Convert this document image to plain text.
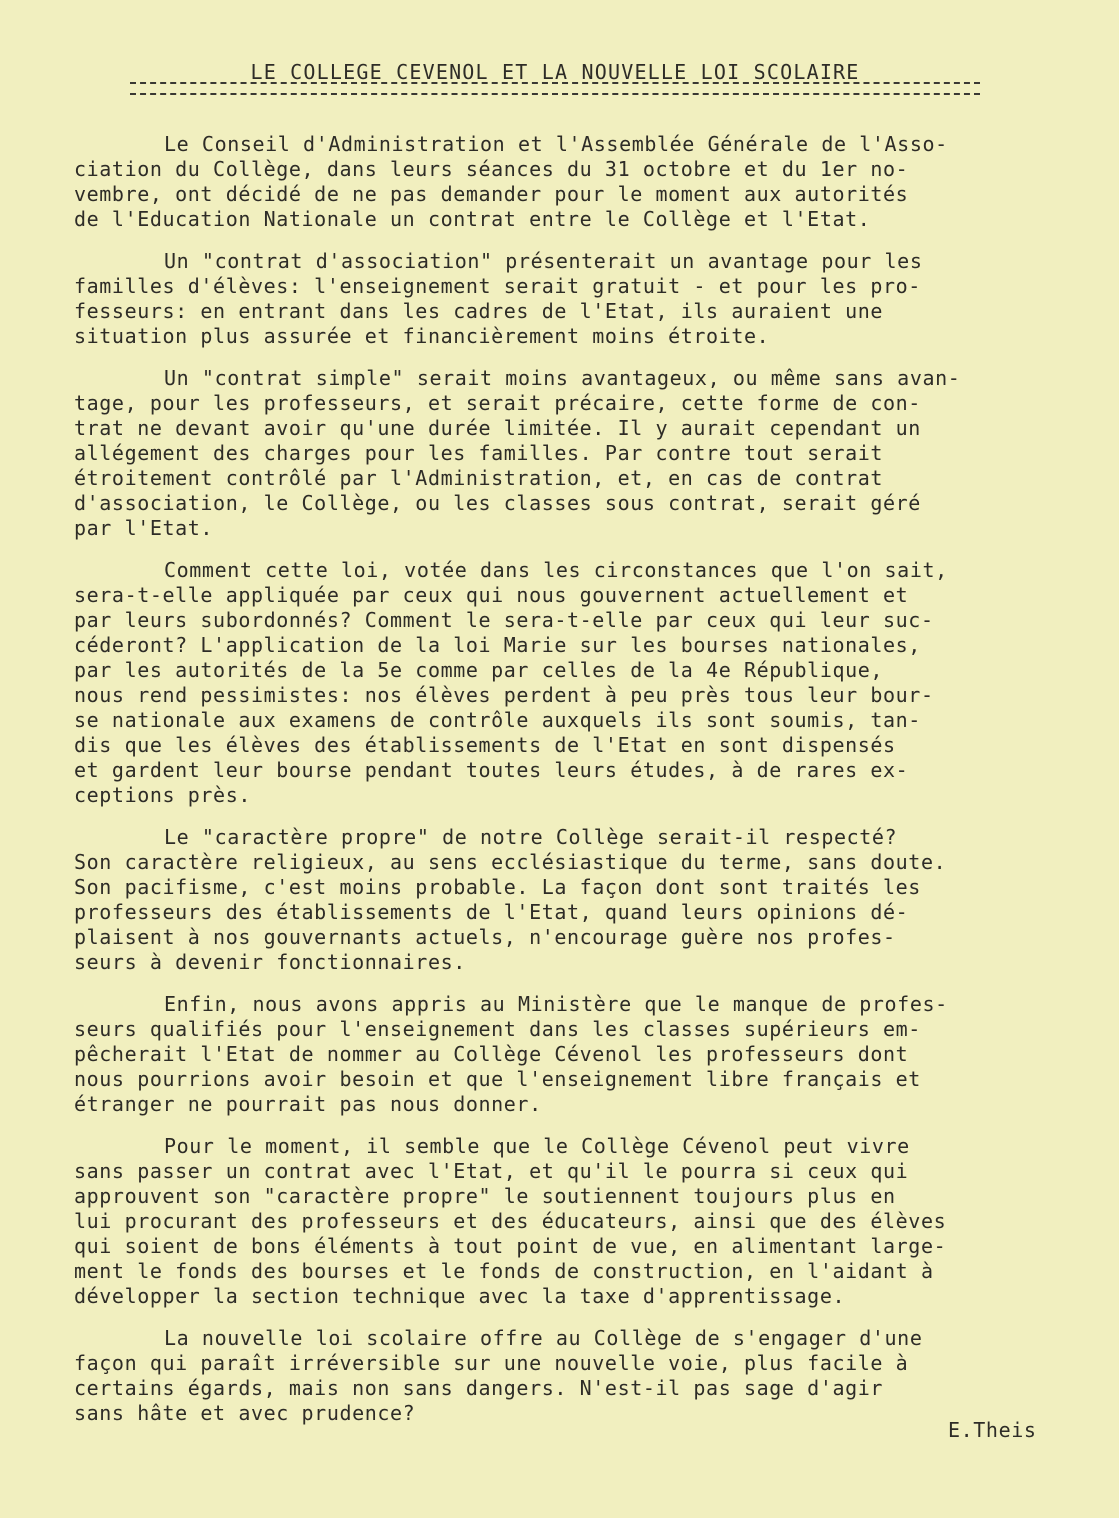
LE COLLEGE CEVENOL ET LA NOUVELLE LOI SCOLAIRE
Le Conseil d'Administration et l'Assemblée Générale de l'Asso-
ciation du Collège, dans leurs séances du 31 octobre et du 1er no-
vembre, ont décidé de ne pas demander pour le moment aux autorités
de l'Education Nationale un contrat entre le Collège et l'Etat.
Un "contrat d'association" présenterait un avantage pour les
familles d'élèves: l'enseignement serait gratuit - et pour les pro-
fesseurs: en entrant dans les cadres de l'Etat, ils auraient une
situation plus assurée et financièrement moins étroite.
Un "contrat simple" serait moins avantageux, ou même sans avan-
tage, pour les professeurs, et serait précaire, cette forme de con-
trat ne devant avoir qu'une durée limitée. Il y aurait cependant un
allégement des charges pour les familles. Par contre tout serait
étroitement contrôlé par l'Administration, et, en cas de contrat
d'association, le Collège, ou les classes sous contrat, serait géré
par l'Etat.
Comment cette loi, votée dans les circonstances que l'on sait,
sera-t-elle appliquée par ceux qui nous gouvernent actuellement et
par leurs subordonnés? Comment le sera-t-elle par ceux qui leur suc-
céderont? L'application de la loi Marie sur les bourses nationales,
par les autorités de la 5e comme par celles de la 4e République,
nous rend pessimistes: nos élèves perdent à peu près tous leur bour-
se nationale aux examens de contrôle auxquels ils sont soumis, tan-
dis que les élèves des établissements de l'Etat en sont dispensés
et gardent leur bourse pendant toutes leurs études, à de rares ex-
ceptions près.
Le "caractère propre" de notre Collège serait-il respecté?
Son caractère religieux, au sens ecclésiastique du terme, sans doute.
Son pacifisme, c'est moins probable. La façon dont sont traités les
professeurs des établissements de l'Etat, quand leurs opinions dé-
plaisent à nos gouvernants actuels, n'encourage guère nos profes-
seurs à devenir fonctionnaires.
Enfin, nous avons appris au Ministère que le manque de profes-
seurs qualifiés pour l'enseignement dans les classes supérieurs em-
pêcherait l'Etat de nommer au Collège Cévenol les professeurs dont
nous pourrions avoir besoin et que l'enseignement libre français et
étranger ne pourrait pas nous donner.
Pour le moment, il semble que le Collège Cévenol peut vivre
sans passer un contrat avec l'Etat, et qu'il le pourra si ceux qui
approuvent son "caractère propre" le soutiennent toujours plus en
lui procurant des professeurs et des éducateurs, ainsi que des élèves
qui soient de bons éléments à tout point de vue, en alimentant large-
ment le fonds des bourses et le fonds de construction, en l'aidant à
développer la section technique avec la taxe d'apprentissage.
La nouvelle loi scolaire offre au Collège de s'engager d'une
façon qui paraît irréversible sur une nouvelle voie, plus facile à
certains égards, mais non sans dangers. N'est-il pas sage d'agir
sans hâte et avec prudence?
E.Theis
